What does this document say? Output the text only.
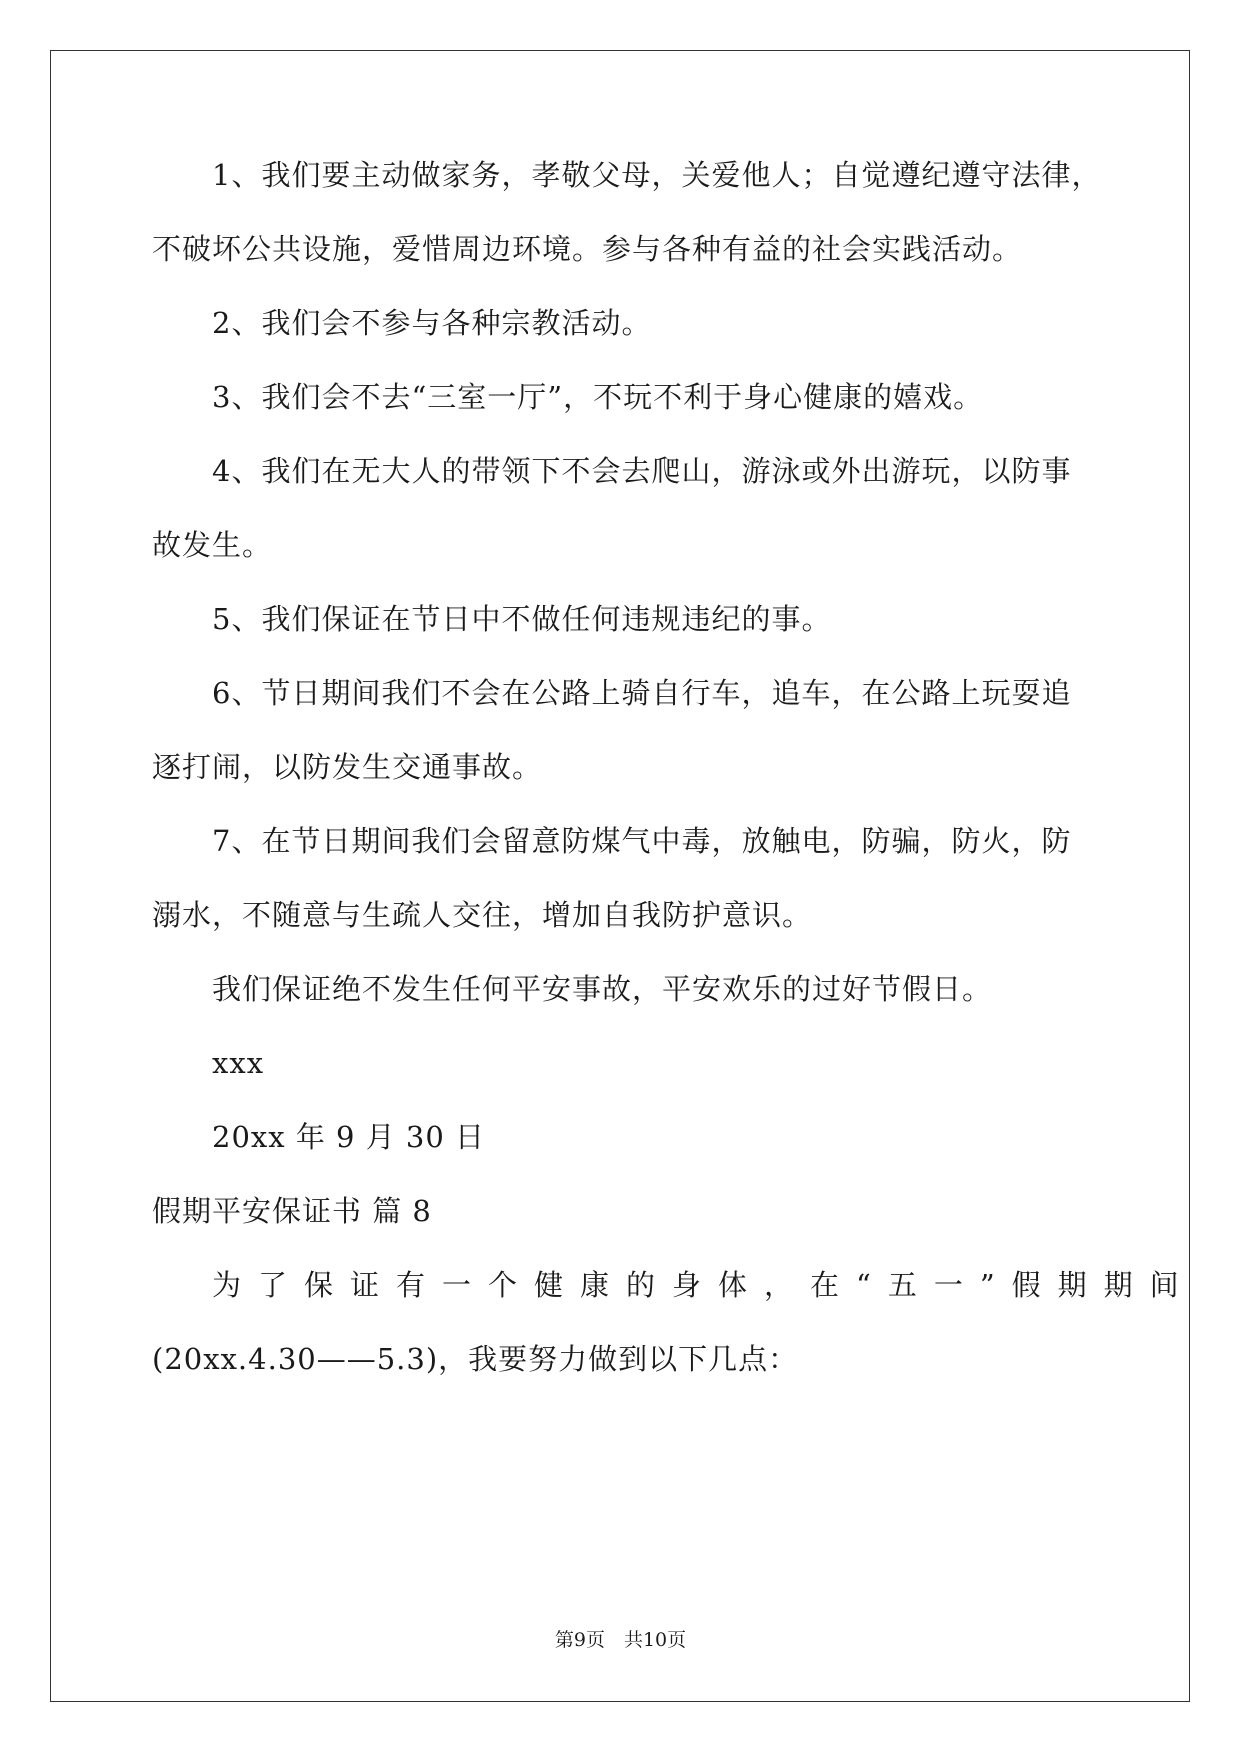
1、我们要主动做家务，孝敬父母，关爱他人；自觉遵纪遵守法律，
不破坏公共设施，爱惜周边环境。参与各种有益的社会实践活动。
2、我们会不参与各种宗教活动。
3、我们会不去“三室一厅”，不玩不利于身心健康的嬉戏。
4、我们在无大人的带领下不会去爬山，游泳或外出游玩，以防事
故发生。
5、我们保证在节日中不做任何违规违纪的事。
6、节日期间我们不会在公路上骑自行车，追车，在公路上玩耍追
逐打闹，以防发生交通事故。
7、在节日期间我们会留意防煤气中毒，放触电，防骗，防火，防
溺水，不随意与生疏人交往，增加自我防护意识。
我们保证绝不发生任何平安事故，平安欢乐的过好节假日。
xxx
20xx 年 9 月 30 日
假期平安保证书 篇 8
为了保证有一个健康的身体，在“五一”假期期间
(20xx.4.30——5.3)，我要努力做到以下几点：
第9页　共10页
